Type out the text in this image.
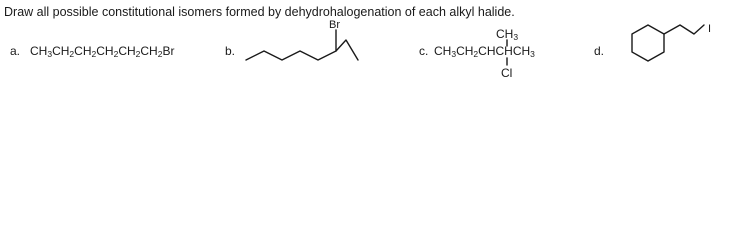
Draw all possible constitutional isomers formed by dehydrohalogenation of each alkyl halide.
a. $CH_3CH_2CH_2CH_2CH_2CH_2Br$	b.
Br
c.
$CH_3$
$CH_3CH_2CHCHCH_3$
Cl
d.
I
